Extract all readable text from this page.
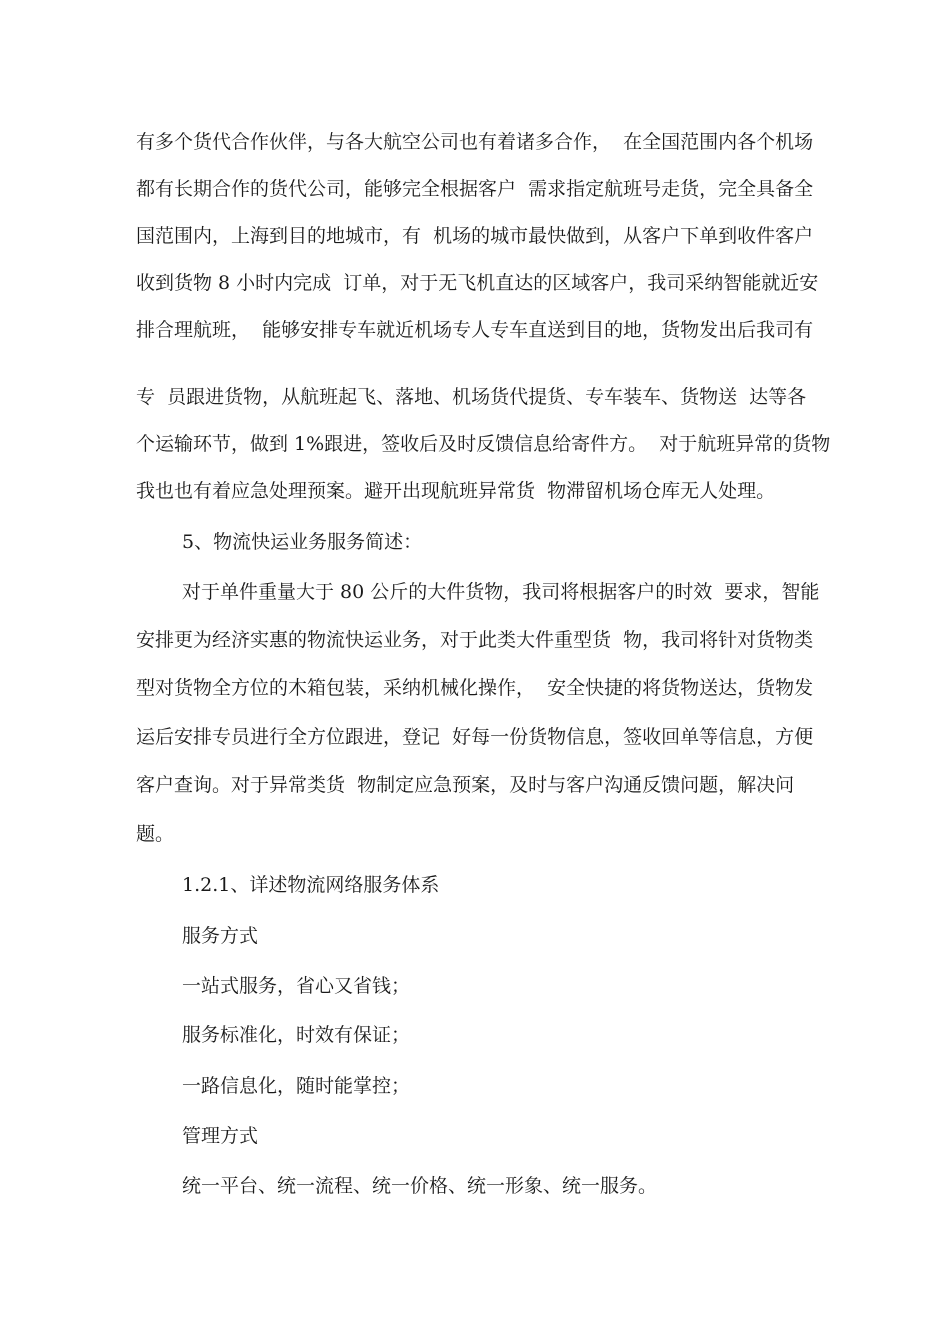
有多个货代合作伙伴，与各大航空公司也有着诸多合作，  在全国范围内各个机场
都有长期合作的货代公司，能够完全根据客户  需求指定航班号走货，完全具备全
国范围内，上海到目的地城市，有  机场的城市最快做到，从客户下单到收件客户
收到货物 8 小时内完成  订单，对于无飞机直达的区域客户，我司采纳智能就近安
排合理航班，  能够安排专车就近机场专人专车直送到目的地，货物发出后我司有
专  员跟进货物，从航班起飞、落地、机场货代提货、专车装车、货物送  达等各
个运输环节，做到 1%跟进，签收后及时反馈信息给寄件方。  对于航班异常的货物
我也也有着应急处理预案。避开出现航班异常货  物滞留机场仓库无人处理。
5、物流快运业务服务简述：
对于单件重量大于 80 公斤的大件货物，我司将根据客户的时效  要求，智能
安排更为经济实惠的物流快运业务，对于此类大件重型货  物，我司将针对货物类
型对货物全方位的木箱包装，采纳机械化操作，  安全快捷的将货物送达，货物发
运后安排专员进行全方位跟进，登记  好每一份货物信息，签收回单等信息，方便
客户查询。对于异常类货  物制定应急预案，及时与客户沟通反馈问题，解决问
题。
1.2.1、详述物流网络服务体系
服务方式
一站式服务，省心又省钱；
服务标准化，时效有保证；
一路信息化，随时能掌控；
管理方式
统一平台、统一流程、统一价格、统一形象、统一服务。
